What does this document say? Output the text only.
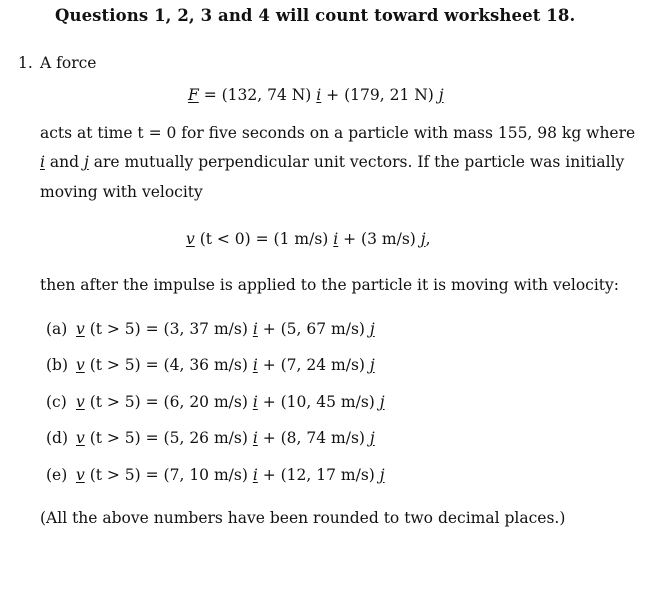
Questions 1, 2, 3 and 4 will count toward worksheet 18.
1. A force
F = (132, 74 N) i + (179, 21 N) j
acts at time t = 0 for five seconds on a particle with mass 155, 98 kg where
i and j are mutually perpendicular unit vectors. If the particle was initially
moving with velocity
v (t < 0) = (1 m/s) i + (3 m/s) j,
then after the impulse is applied to the particle it is moving with velocity:
(a) v (t > 5) = (3, 37 m/s) i + (5, 67 m/s) j
(b) v (t > 5) = (4, 36 m/s) i + (7, 24 m/s) j
(c) v (t > 5) = (6, 20 m/s) i + (10, 45 m/s) j
(d) v (t > 5) = (5, 26 m/s) i + (8, 74 m/s) j
(e) v (t > 5) = (7, 10 m/s) i + (12, 17 m/s) j
(All the above numbers have been rounded to two decimal places.)
